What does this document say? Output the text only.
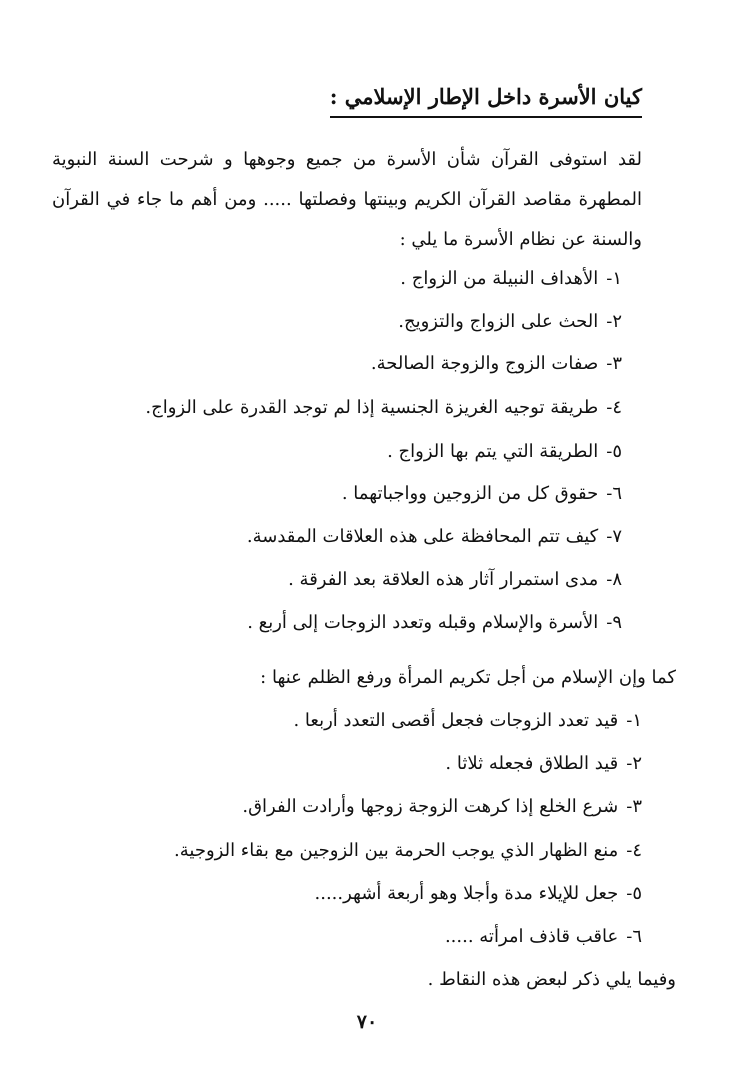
كيان الأسرة داخل الإطار الإسلامي :
لقد استوفى القرآن شأن الأسرة من جميع وجوهها و شرحت السنة النبوية المطهرة مقاصد القرآن الكريم وبينتها وفصلتها ..... ومن أهم ما جاء في القرآن والسنة عن نظام الأسرة ما يلي :
١-الأهداف النبيلة من الزواج .
٢-الحث على الزواج والتزويج.
٣-صفات الزوج والزوجة الصالحة.
٤-طريقة توجيه الغريزة الجنسية إذا لم توجد القدرة على الزواج.
٥-الطريقة التي يتم بها الزواج .
٦-حقوق كل من الزوجين وواجباتهما .
٧-كيف تتم المحافظة على هذه العلاقات المقدسة.
٨-مدى استمرار آثار هذه العلاقة بعد الفرقة .
٩-الأسرة والإسلام وقبله وتعدد الزوجات إلى أربع .
كما وإن الإسلام من أجل تكريم المرأة ورفع الظلم عنها :
١-قيد تعدد الزوجات فجعل أقصى التعدد أربعا .
٢-قيد الطلاق فجعله ثلاثا .
٣-شرع الخلع إذا كرهت الزوجة زوجها وأرادت الفراق.
٤-منع الظهار الذي يوجب الحرمة بين الزوجين مع بقاء الزوجية.
٥-جعل للإيلاء مدة وأجلا وهو أربعة أشهر.....
٦-عاقب قاذف امرأته .....
وفيما يلي ذكر لبعض هذه النقاط .
٧٠
